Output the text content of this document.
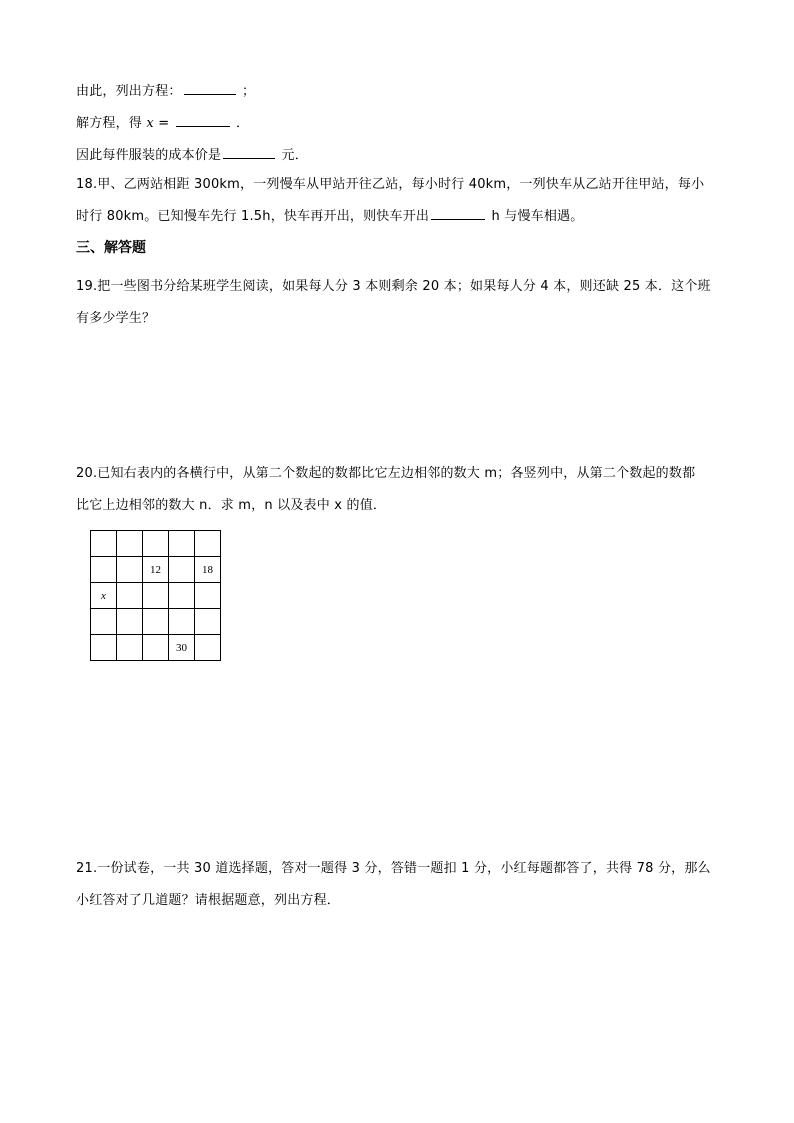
由此，列出方程：	；
解方程，得 x =	．
因此每件服装的成本价是	元．
18.甲、乙两站相距 300km，一列慢车从甲站开往乙站，每小时行 40km，一列快车从乙站开往甲站，每小
时行 80km。已知慢车先行 1.5h，快车再开出，则快车开出	h 与慢车相遇。
三、解答题
19.把一些图书分给某班学生阅读，如果每人分 3 本则剩余 20 本；如果每人分 4 本，则还缺 25 本．这个班
有多少学生？
20.已知右表内的各横行中，从第二个数起的数都比它左边相邻的数大 m；各竖列中，从第二个数起的数都
比它上边相邻的数大 n．求 m，n 以及表中 x 的值．

		12		18
x				

			30	
21.一份试卷，一共 30 道选择题，答对一题得 3 分，答错一题扣 1 分，小红每题都答了，共得 78 分，那么
小红答对了几道题？请根据题意，列出方程．
